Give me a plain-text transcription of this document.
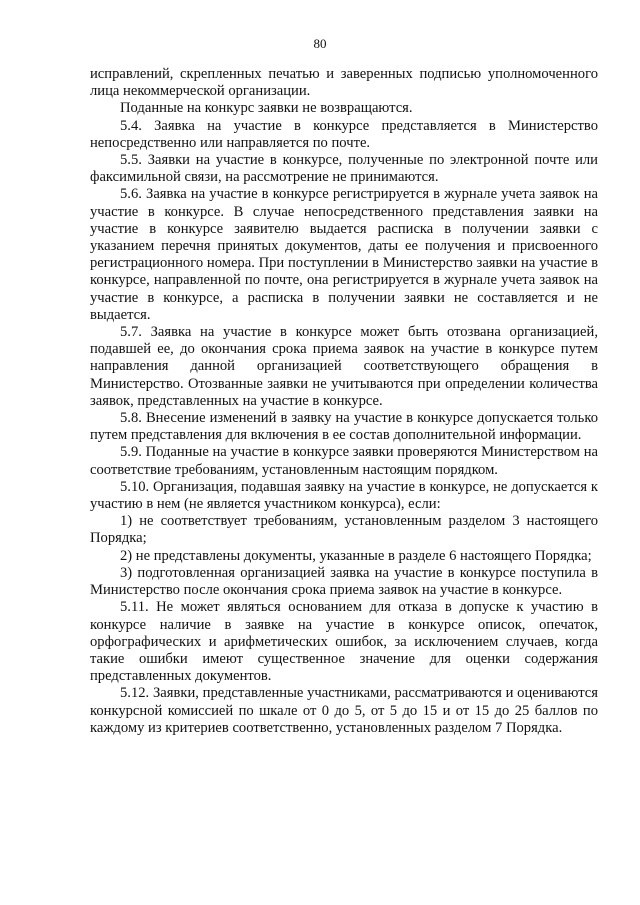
80

исправлений, скрепленных печатью и заверенных подписью уполномоченного лица некоммерческой организации.

Поданные на конкурс заявки не возвращаются.

5.4. Заявка на участие в конкурсе представляется в Министерство непосредственно или направляется по почте.

5.5. Заявки на участие в конкурсе, полученные по электронной почте или факсимильной связи, на рассмотрение не принимаются.

5.6. Заявка на участие в конкурсе регистрируется в журнале учета заявок на участие в конкурсе. В случае непосредственного представления заявки на участие в конкурсе заявителю выдается расписка в получении заявки с указанием перечня принятых документов, даты ее получения и присвоенного регистрационного номера. При поступлении в Министерство заявки на участие в конкурсе, направленной по почте, она регистрируется в журнале учета заявок на участие в конкурсе, а расписка в получении заявки не составляется и не выдается.

5.7. Заявка на участие в конкурсе может быть отозвана организацией, подавшей ее, до окончания срока приема заявок на участие в конкурсе путем направления данной организацией соответствующего обращения в Министерство. Отозванные заявки не учитываются при определении количества заявок, представленных на участие в конкурсе.

5.8. Внесение изменений в заявку на участие в конкурсе допускается только путем представления для включения в ее состав дополнительной информации.

5.9. Поданные на участие в конкурсе заявки проверяются Министерством на соответствие требованиям, установленным настоящим порядком.

5.10. Организация, подавшая заявку на участие в конкурсе, не допускается к участию в нем (не является участником конкурса), если:

1) не соответствует требованиям, установленным разделом 3 настоящего Порядка;

2) не представлены документы, указанные в разделе 6 настоящего Порядка;

3) подготовленная организацией заявка на участие в конкурсе поступила в Министерство после окончания срока приема заявок на участие в конкурсе.

5.11. Не может являться основанием для отказа в допуске к участию в конкурсе наличие в заявке на участие в конкурсе описок, опечаток, орфографических и арифметических ошибок, за исключением случаев, когда такие ошибки имеют существенное значение для оценки содержания представленных документов.

5.12. Заявки, представленные участниками, рассматриваются и оцениваются конкурсной комиссией по шкале от 0 до 5, от 5 до 15 и от 15 до 25 баллов по каждому из критериев соответственно, установленных разделом 7 Порядка.
